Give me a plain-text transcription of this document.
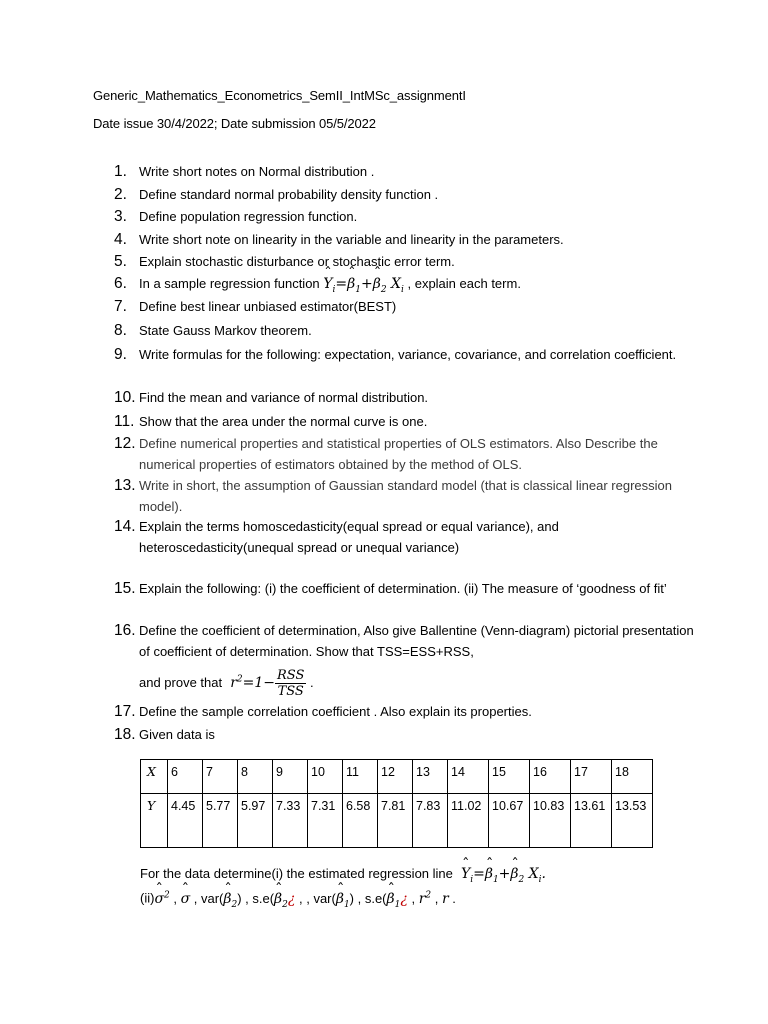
Generic_Mathematics_Econometrics_SemII_IntMSc_assignmentI
Date issue 30/4/2022; Date submission 05/5/2022
1. Write short notes on Normal distribution .
2. Define standard normal probability density function .
3. Define population regression function.
4. Write short note on linearity in the variable and linearity in the parameters.
5. Explain stochastic disturbance or stochastic error term.
6. In a sample regression function ˆ $Y_i=ˆ$ $\beta_1+ˆ$ $\beta_2$ $X_i$ , explain each term.
7. Define best linear unbiased estimator(BEST)
8. State Gauss Markov theorem.
9. Write formulas for the following: expectation, variance, covariance, and correlation coefficient.
10. Find the mean and variance of normal distribution.
11. Show that the area under the normal curve is one.
12. Define numerical properties and statistical properties of OLS estimators. Also Describe the numerical properties of estimators obtained by the method of OLS.
13. Write in short, the assumption of Gaussian standard model (that is classical linear regression model).
14. Explain the terms homoscedasticity(equal spread or equal variance), and heteroscedasticity(unequal spread or unequal variance)
15. Explain the following: (i) the coefficient of determination. (ii) The measure of ‘goodness of fit’
16. Define the coefficient of determination, Also give Ballentine (Venn-diagram) pictorial presentation of coefficient of determination. Show that TSS=ESS+RSS,
and prove that  $r^2=1- \frac{\text{RSS}}{\text{TSS}}$ .
17. Define the sample correlation coefficient . Also explain its properties.
18. Given data is
X	6	7	8	9	10	11	12	13	14	15	16	17	18
Y	4.45	5.77	5.97	7.33	7.31	6.58	7.81	7.83	11.02	10.67	10.83	13.61	13.53
For the data determine(i) the estimated regression line ˆ $Y_i=ˆ$ $\beta_1+ˆ$ $\beta_2$ $X_i$.
(ii)ˆ $\sigma^2$ , ˆ σ , var(ˆ $\beta_2$) , s.e(ˆ $\beta_2¿$ , , var(ˆ $\beta_1$) , s.e(ˆ $\beta_1¿$ , $r^2$ , r .
